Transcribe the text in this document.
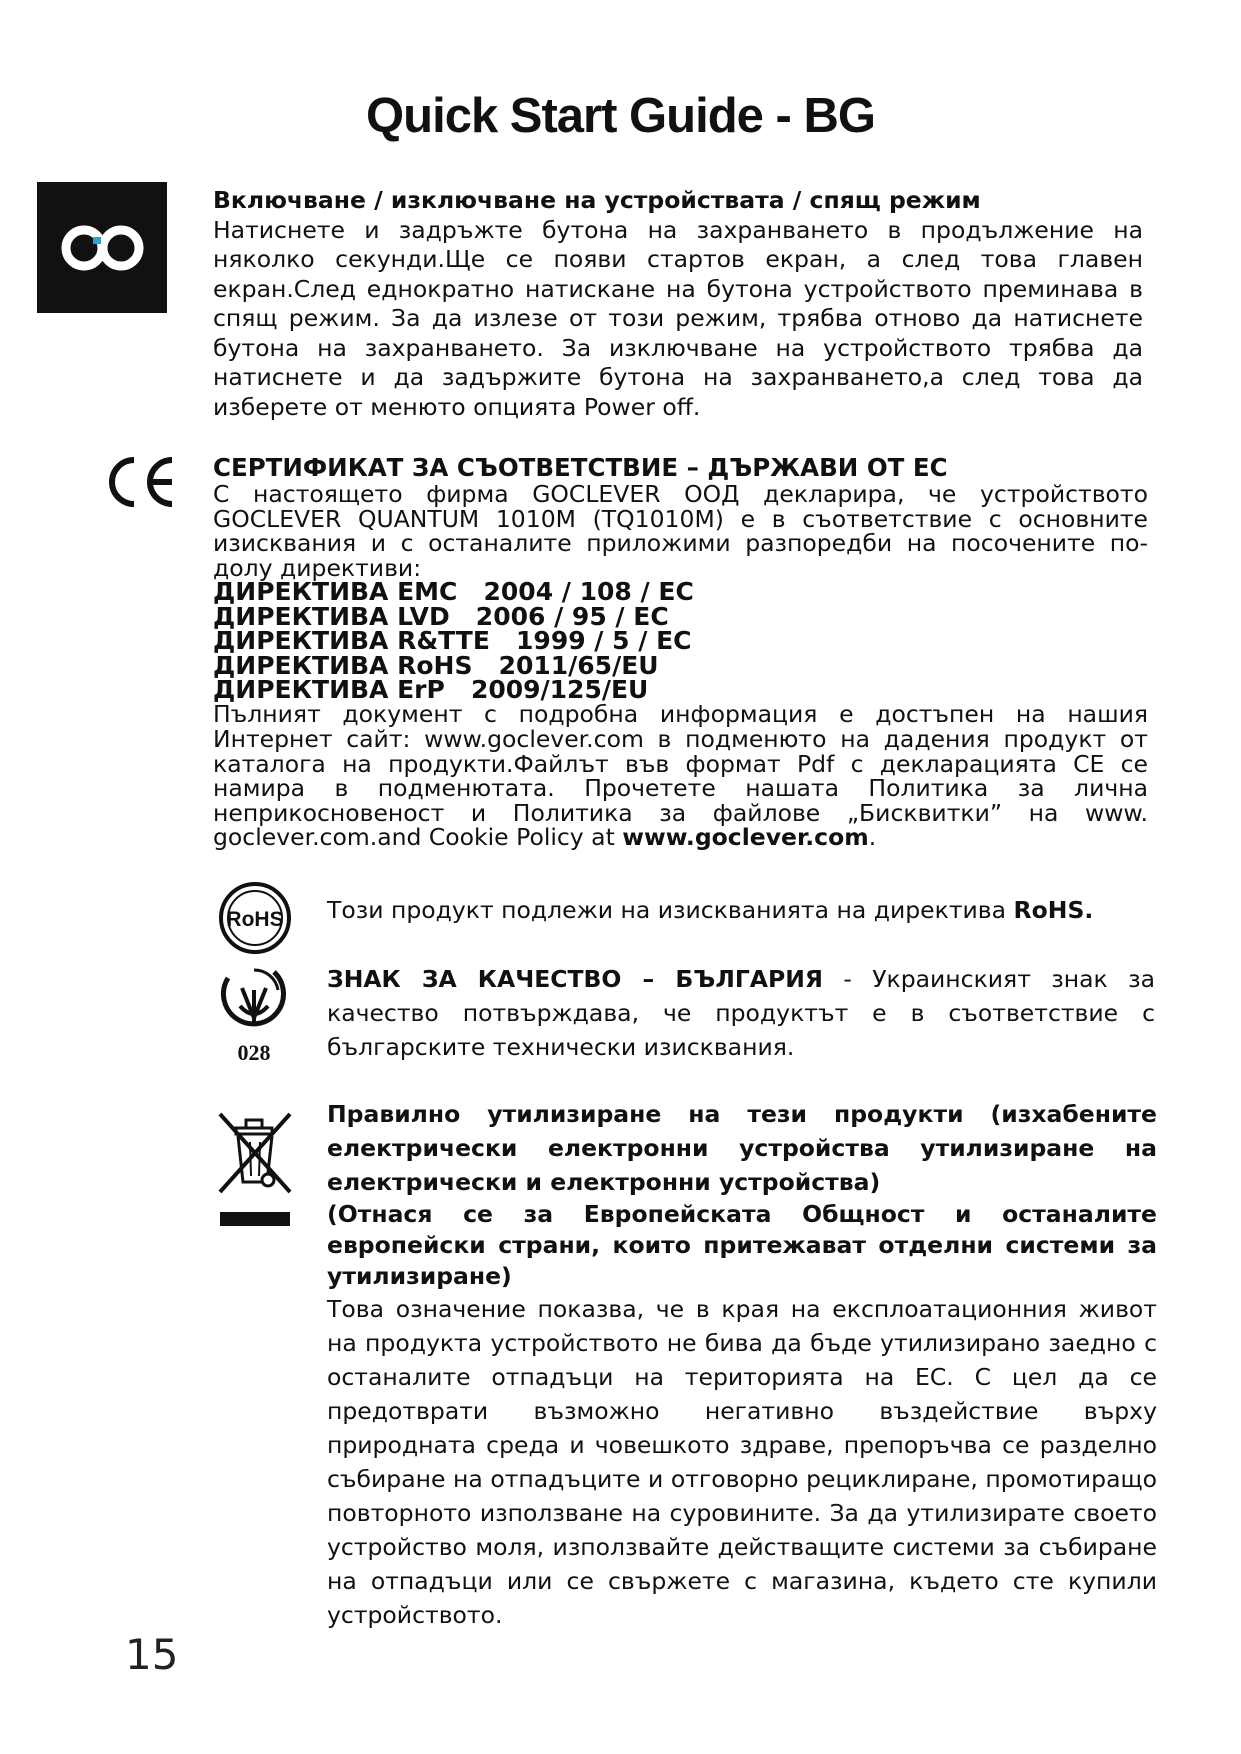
Quick Start Guide - BG

Включване / изключване на устройствата / спящ режим

Натиснете и задръжте бутона на захранването в продължение на няколко секунди.Ще се появи стартов екран, а след това главен екран.След еднократно натискане на бутона устройството преминава в спящ режим. За да излезе от този режим, трябва отново да натиснете бутона на захранването. За изключване на устройството трябва да натиснете и да задържите бутона на захранването,а след това да изберете от менюто опцията Power off.

СЕРТИФИКАТ ЗА СЪОТВЕТСТВИЕ – ДЪРЖАВИ ОТ ЕС

С настоящето фирма GOCLEVER ООД декларира, че устройството GOCLEVER QUANTUM 1010M (TQ1010M) е в съответствие с основните изисквания и с останалите приложими разпоредби на посочените по-долу директиви:

ДИРЕКТИВА EMC   2004 / 108 / EC
ДИРЕКТИВА LVD   2006 / 95 / EC
ДИРЕКТИВА R&TTE   1999 / 5 / EC
ДИРЕКТИВА RoHS   2011/65/EU
ДИРЕКТИВА ErP   2009/125/EU

Пълният документ с подробна информация е достъпен на нашия Интернет сайт: www.goclever.com в подменюто на дадения продукт от каталога на продукти.Файлът във формат Pdf с декларацията CE се намира в подменютата. Прочетете нашата Политика за лична неприкосновеност и Политика за файлове „Бисквитки” на www. goclever.com.and Cookie Policy at www.goclever.com.

RoHS Този продукт подлежи на изискванията на директива RoHS.
028
ЗНАК ЗА КАЧЕСТВО – БЪЛГАРИЯ - Украинският знак за качество потвърждава, че продуктът е в съответствие с българските технически изисквания.

Правилно утилизиране на тези продукти (изхабените електрически електронни устройства утилизиране на електрически и електронни устройства)

(Отнася се за Европейската Общност и останалите европейски страни, които притежават отделни системи за утилизиране)

Това означение показва, че в края на експлоатационния живот на продукта устройството не бива да бъде утилизирано заедно с останалите отпадъци на територията на ЕС. С цел да се предотврати възможно негативно въздействие върху природната среда и човешкото здраве, препоръчва се разделно събиране на отпадъците и отговорно рециклиране, промотиращо повторното използване на суровините. За да утилизирате своето устройство моля, използвайте действащите системи за събиране на отпадъци или се свържете с магазина, където сте купили устройството.

15
